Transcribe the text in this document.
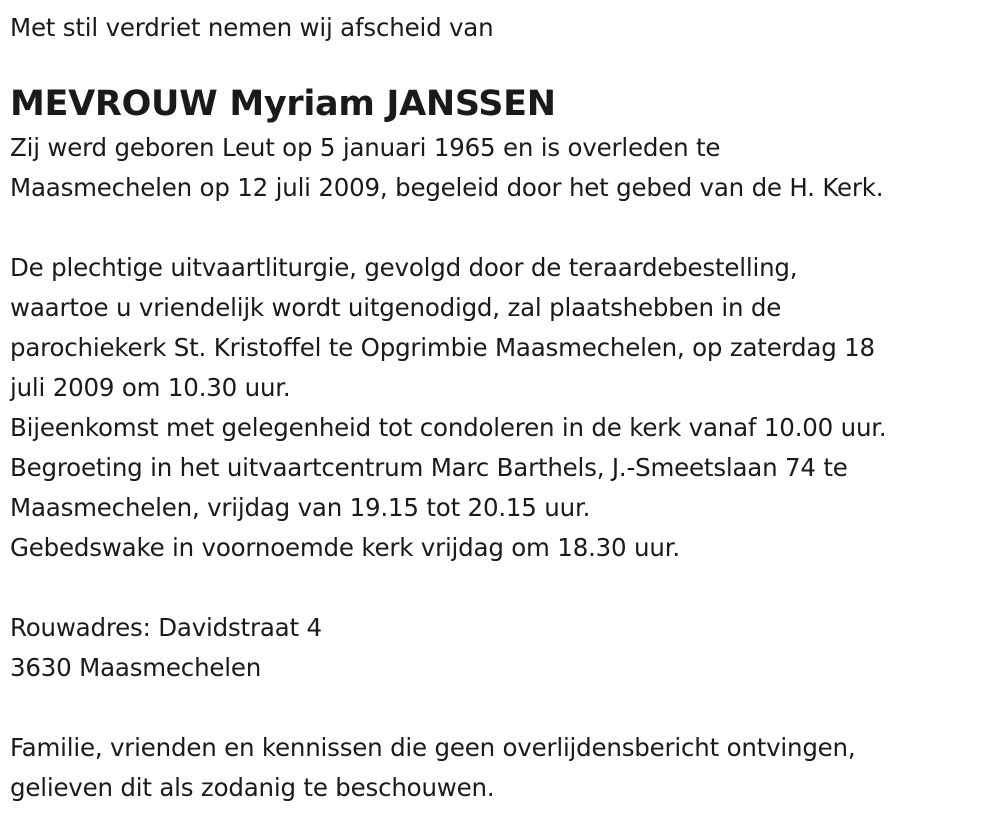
Met stil verdriet nemen wij afscheid van
MEVROUW Myriam JANSSEN
Zij werd geboren Leut op 5 januari 1965 en is overleden te
Maasmechelen op 12 juli 2009, begeleid door het gebed van de H. Kerk.
De plechtige uitvaartliturgie, gevolgd door de teraardebestelling,
waartoe u vriendelijk wordt uitgenodigd, zal plaatshebben in de
parochiekerk St. Kristoffel te Opgrimbie Maasmechelen, op zaterdag 18
juli 2009 om 10.30 uur.
Bijeenkomst met gelegenheid tot condoleren in de kerk vanaf 10.00 uur.
Begroeting in het uitvaartcentrum Marc Barthels, J.-Smeetslaan 74 te
Maasmechelen, vrijdag van 19.15 tot 20.15 uur.
Gebedswake in voornoemde kerk vrijdag om 18.30 uur.
Rouwadres: Davidstraat 4
3630 Maasmechelen
Familie, vrienden en kennissen die geen overlijdensbericht ontvingen,
gelieven dit als zodanig te beschouwen.
